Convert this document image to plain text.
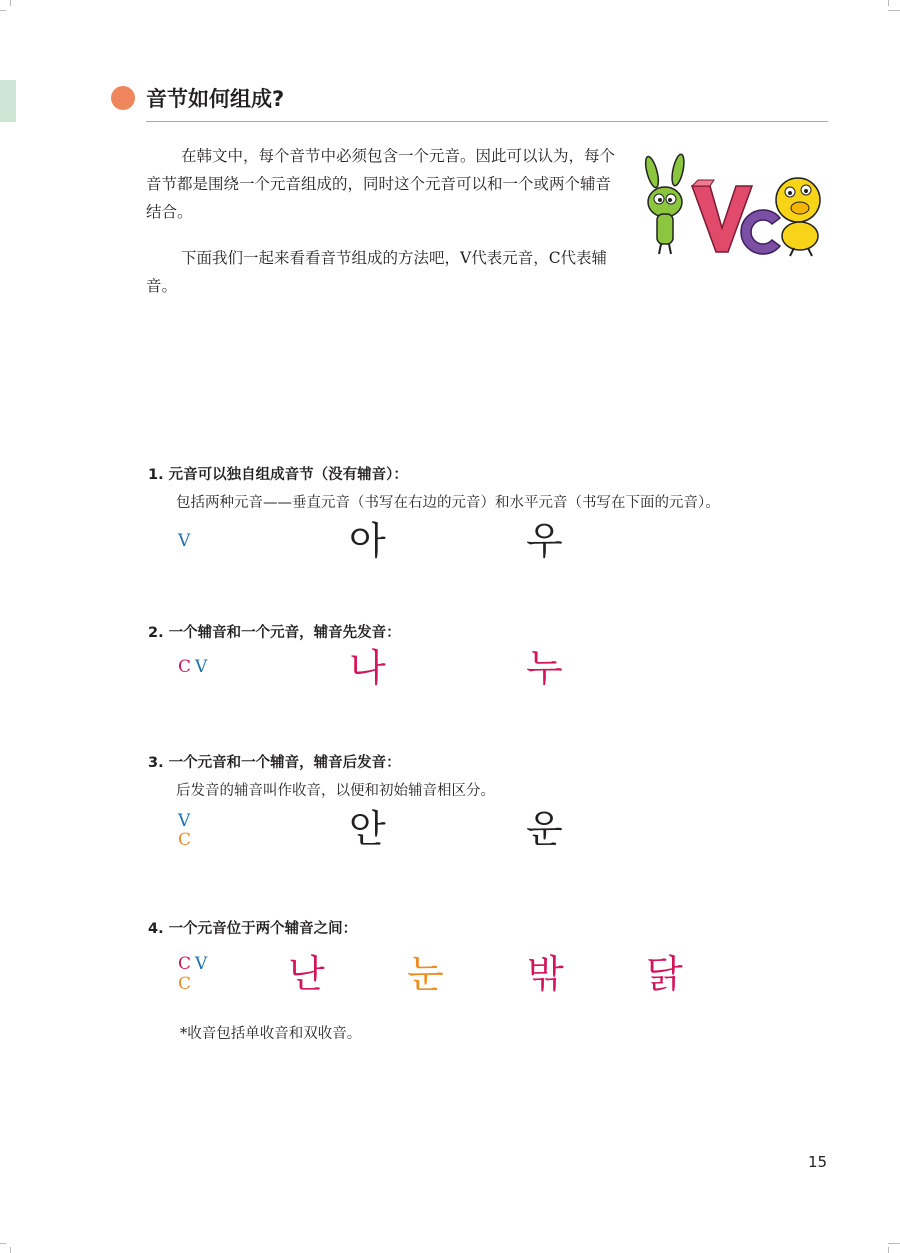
音节如何组成?

在韩文中，每个音节中必须包含一个元音。因此可以认为，每个音节都是围绕一个元音组成的，同时这个元音可以和一个或两个辅音结合。

下面我们一起来看看音节组成的方法吧，V代表元音，C代表辅音。

1. 元音可以独自组成音节（没有辅音）：
包括两种元音——垂直元音（书写在右边的元音）和水平元音（书写在下面的元音）。
V	아	우
2. 一个辅音和一个元音，辅音先发音：
C V	나	누
3. 一个元音和一个辅音，辅音后发音：
后发音的辅音叫作收音，以便和初始辅音相区分。
V
C	안	운
4. 一个元音位于两个辅音之间：
C V
C	난 눈 밖 닭
*收音包括单收音和双收音。
15
